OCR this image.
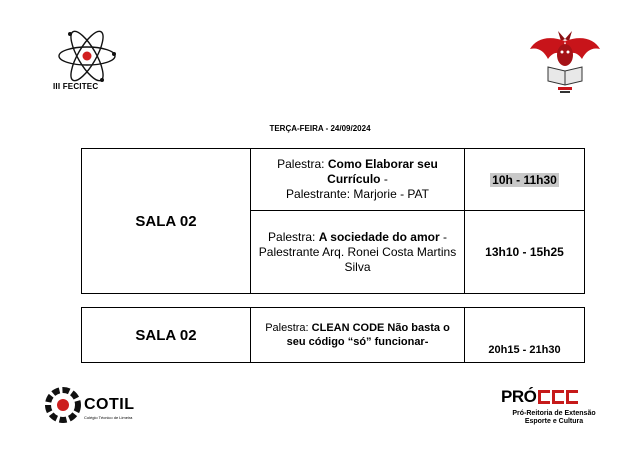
III FECITEC
TERÇA-FEIRA - 24/09/2024
SALA 02
Palestra: Como Elaborar seu Currículo -
Palestrante: Marjorie - PAT
10h - 11h30
Palestra: A sociedade do amor -
Palestrante Arq. Ronei Costa Martins Silva
13h10 - 15h25
SALA 02	Palestra: CLEAN CODE Não basta o seu código “só” funcionar-
20h15 - 21h30
COTIL
Colégio Técnico de Limeira
PRÓ
Pró-Reitoria de Extensão
Esporte e Cultura
